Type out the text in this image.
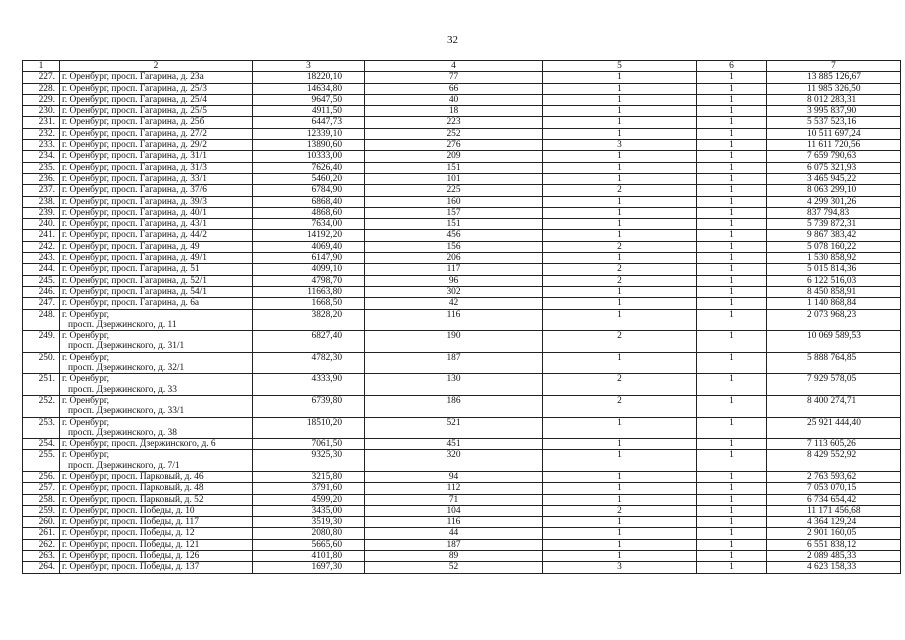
32
1	2	3	4	5	6	7
227.	г. Оренбург, просп. Гагарина, д. 23а	18220,10	77	1	1	13 885 126,67
228.	г. Оренбург, просп. Гагарина, д. 25/3	14634,80	66	1	1	11 985 326,50
229.	г. Оренбург, просп. Гагарина, д. 25/4	9647,50	40	1	1	8 012 283,31
230.	г. Оренбург, просп. Гагарина, д. 25/5	4911,50	18	1	1	3 995 837,90
231.	г. Оренбург, просп. Гагарина, д. 25б	6447,73	223	1	1	5 537 523,16
232.	г. Оренбург, просп. Гагарина, д. 27/2	12339,10	252	1	1	10 511 697,24
233.	г. Оренбург, просп. Гагарина, д. 29/2	13890,60	276	3	1	11 611 720,56
234.	г. Оренбург, просп. Гагарина, д. 31/1	10333,00	209	1	1	7 659 790,63
235.	г. Оренбург, просп. Гагарина, д. 31/3	7626,40	151	1	1	6 075 321,93
236.	г. Оренбург, просп. Гагарина, д. 33/1	5460,20	101	1	1	3 465 945,22
237.	г. Оренбург, просп. Гагарина, д. 37/6	6784,90	225	2	1	8 063 299,10
238.	г. Оренбург, просп. Гагарина, д. 39/3	6868,40	160	1	1	4 299 301,26
239.	г. Оренбург, просп. Гагарина, д. 40/1	4868,60	157	1	1	837 794,83
240.	г. Оренбург, просп. Гагарина, д. 43/1	7634,00	151	1	1	5 739 872,31
241.	г. Оренбург, просп. Гагарина, д. 44/2	14192,20	456	1	1	9 867 383,42
242.	г. Оренбург, просп. Гагарина, д. 49	4069,40	156	2	1	5 078 160,22
243.	г. Оренбург, просп. Гагарина, д. 49/1	6147,90	206	1	1	1 530 858,92
244.	г. Оренбург, просп. Гагарина, д. 51	4099,10	117	2	1	5 015 814,36
245.	г. Оренбург, просп. Гагарина, д. 52/1	4798,70	96	2	1	6 122 516,03
246.	г. Оренбург, просп. Гагарина, д. 54/1	11663,80	302	1	1	8 450 858,91
247.	г. Оренбург, просп. Гагарина, д. 6а	1668,50	42	1	1	1 140 868,84
248.	г. Оренбург,
просп. Дзержинского, д. 11	3828,20	116	1	1	2 073 968,23
249.	г. Оренбург,
просп. Дзержинского, д. 31/1	6827,40	190	2	1	10 069 589,53
250.	г. Оренбург,
просп. Дзержинского, д. 32/1	4782,30	187	1	1	5 888 764,85
251.	г. Оренбург,
просп. Дзержинского, д. 33	4333,90	130	2	1	7 929 578,05
252.	г. Оренбург,
просп. Дзержинского, д. 33/1	6739,80	186	2	1	8 400 274,71
253.	г. Оренбург,
просп. Дзержинского, д. 38	18510,20	521	1	1	25 921 444,40
254.	г. Оренбург, просп. Дзержинского, д. 6	7061,50	451	1	1	7 113 605,26
255.	г. Оренбург,
просп. Дзержинского, д. 7/1	9325,30	320	1	1	8 429 552,92
256.	г. Оренбург, просп. Парковый, д. 46	3215,80	94	1	1	2 763 593,62
257.	г. Оренбург, просп. Парковый, д. 48	3791,60	112	1	1	7 053 070,15
258.	г. Оренбург, просп. Парковый, д. 52	4599,20	71	1	1	6 734 654,42
259.	г. Оренбург, просп. Победы, д. 10	3435,00	104	2	1	11 171 456,68
260.	г. Оренбург, просп. Победы, д. 117	3519,30	116	1	1	4 364 129,24
261.	г. Оренбург, просп. Победы, д. 12	2080,80	44	1	1	2 901 160,05
262.	г. Оренбург, просп. Победы, д. 121	5665,60	187	1	1	6 551 838,12
263.	г. Оренбург, просп. Победы, д. 126	4101,80	89	1	1	2 089 485,33
264.	г. Оренбург, просп. Победы, д. 137	1697,30	52	3	1	4 623 158,33
